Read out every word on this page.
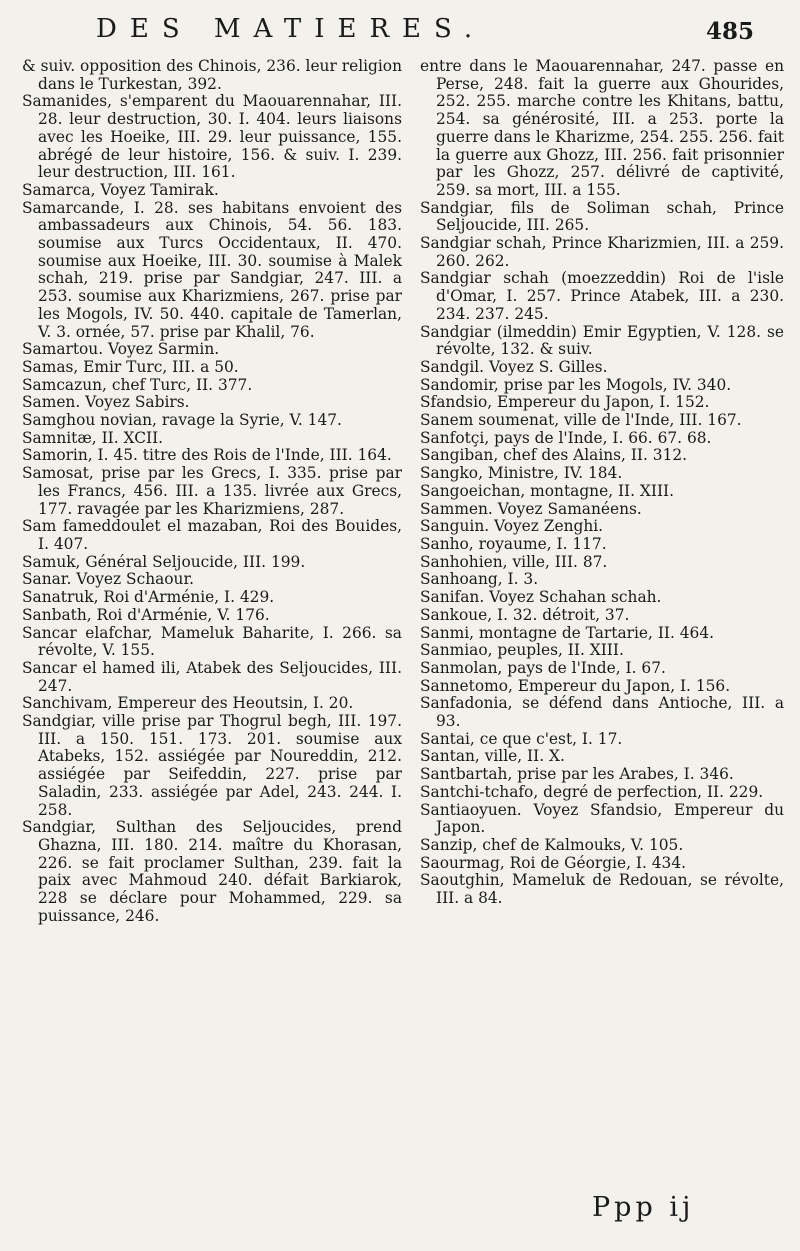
DES MATIERES.	485

& suiv. opposition des Chinois, 236. leur religion dans le Turkestan, 392.

Samanides, s'emparent du Maouarennahar, III. 28. leur destruction, 30. I. 404. leurs liaisons avec les Hoeike, III. 29. leur puissance, 155. abrégé de leur histoire, 156. & suiv. I. 239. leur destruction, III. 161.

Samarca, Voyez Tamirak.

Samarcande, I. 28. ses habitans envoient des ambassadeurs aux Chinois, 54. 56. 183. soumise aux Turcs Occidentaux, II. 470. soumise aux Hoeike, III. 30. soumise à Malek schah, 219. prise par Sandgiar, 247. III. a 253. soumise aux Kharizmiens, 267. prise par les Mogols, IV. 50. 440. capitale de Tamerlan, V. 3. ornée, 57. prise par Khalil, 76.

Samartou. Voyez Sarmin.

Samas, Emir Turc, III. a 50.

Samcazun, chef Turc, II. 377.

Samen. Voyez Sabirs.

Samghou novian, ravage la Syrie, V. 147.

Samnitæ, II. XCII.

Samorin, I. 45. titre des Rois de l'Inde, III. 164.

Samosat, prise par les Grecs, I. 335. prise par les Francs, 456. III. a 135. livrée aux Grecs, 177. ravagée par les Kharizmiens, 287.

Sam fameddoulet el mazaban, Roi des Bouides, I. 407.

Samuk, Général Seljoucide, III. 199.

Sanar. Voyez Schaour.

Sanatruk, Roi d'Arménie, I. 429.

Sanbath, Roi d'Arménie, V. 176.

Sancar elafchar, Mameluk Baharite, I. 266. sa révolte, V. 155.

Sancar el hamed ili, Atabek des Seljoucides, III. 247.

Sanchivam, Empereur des Heoutsin, I. 20.

Sandgiar, ville prise par Thogrul begh, III. 197. III. a 150. 151. 173. 201. soumise aux Atabeks, 152. assiégée par Noureddin, 212. assiégée par Seifeddin, 227. prise par Saladin, 233. assiégée par Adel, 243. 244. I. 258.

Sandgiar, Sulthan des Seljoucides, prend Ghazna, III. 180. 214. maître du Khorasan, 226. se fait proclamer Sulthan, 239. fait la paix avec Mahmoud 240. défait Barkiarok, 228 se déclare pour Mohammed, 229. sa puissance, 246.

entre dans le Maouarennahar, 247. passe en Perse, 248. fait la guerre aux Ghourides, 252. 255. marche contre les Khitans, battu, 254. sa générosité, III. a 253. porte la guerre dans le Kharizme, 254. 255. 256. fait la guerre aux Ghozz, III. 256. fait prisonnier par les Ghozz, 257. délivré de captivité, 259. sa mort, III. a 155.

Sandgiar, fils de Soliman schah, Prince Seljoucide, III. 265.

Sandgiar schah, Prince Kharizmien, III. a 259. 260. 262.

Sandgiar schah (moezzeddin) Roi de l'isle d'Omar, I. 257. Prince Atabek, III. a 230. 234. 237. 245.

Sandgiar (ilmeddin) Emir Egyptien, V. 128. se révolte, 132. & suiv.

Sandgil. Voyez S. Gilles.

Sandomir, prise par les Mogols, IV. 340.

Sfandsio, Empereur du Japon, I. 152.

Sanem soumenat, ville de l'Inde, III. 167.

Sanfotçi, pays de l'Inde, I. 66. 67. 68.

Sangiban, chef des Alains, II. 312.

Sangko, Ministre, IV. 184.

Sangoeichan, montagne, II. XIII.

Sammen. Voyez Samanéens.

Sanguin. Voyez Zenghi.

Sanho, royaume, I. 117.

Sanhohien, ville, III. 87.

Sanhoang, I. 3.

Sanifan. Voyez Schahan schah.

Sankoue, I. 32. détroit, 37.

Sanmi, montagne de Tartarie, II. 464.

Sanmiao, peuples, II. XIII.

Sanmolan, pays de l'Inde, I. 67.

Sannetomo, Empereur du Japon, I. 156.

Sanfadonia, se défend dans Antioche, III. a 93.

Santai, ce que c'est, I. 17.

Santan, ville, II. X.

Santbartah, prise par les Arabes, I. 346.

Santchi-tchafo, degré de perfection, II. 229.

Santiaoyuen. Voyez Sfandsio, Empereur du Japon.

Sanzip, chef de Kalmouks, V. 105.

Saourmag, Roi de Géorgie, I. 434.

Saoutghin, Mameluk de Redouan, se révolte, III. a 84.

Ppp ij
